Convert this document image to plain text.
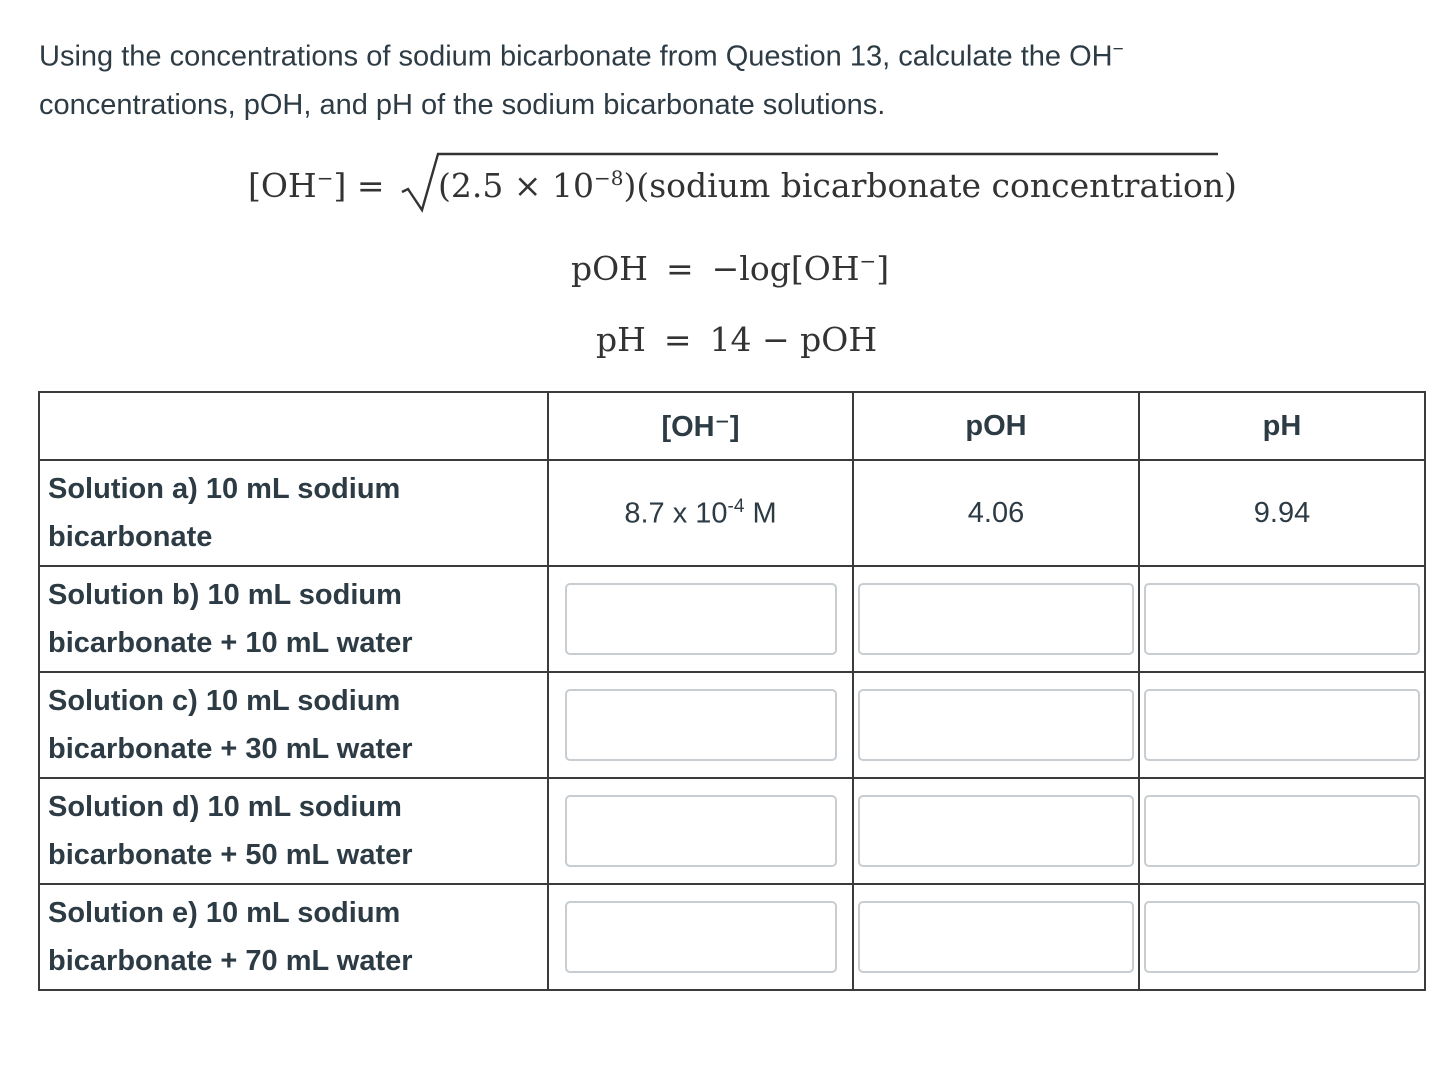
Using the concentrations of sodium bicarbonate from Question 13, calculate the OH−
concentrations, pOH, and pH of the sodium bicarbonate solutions.
$[OH^-] = (2.5 \times 10^{-8})(sodium$ bicarbonate concentration)
pOH = −log[OH−]
pH = 14 − pOH
	[OH⁻]	pOH	pH

Solution a) 10 mL sodium bicarbonate	8.7 x $10^{-4}$ M	4.06	9.94

Solution b) 10 mL sodium bicarbonate + 10 mL water

Solution c) 10 mL sodium bicarbonate + 30 mL water

Solution d) 10 mL sodium bicarbonate + 50 mL water

Solution e) 10 mL sodium bicarbonate + 70 mL water
